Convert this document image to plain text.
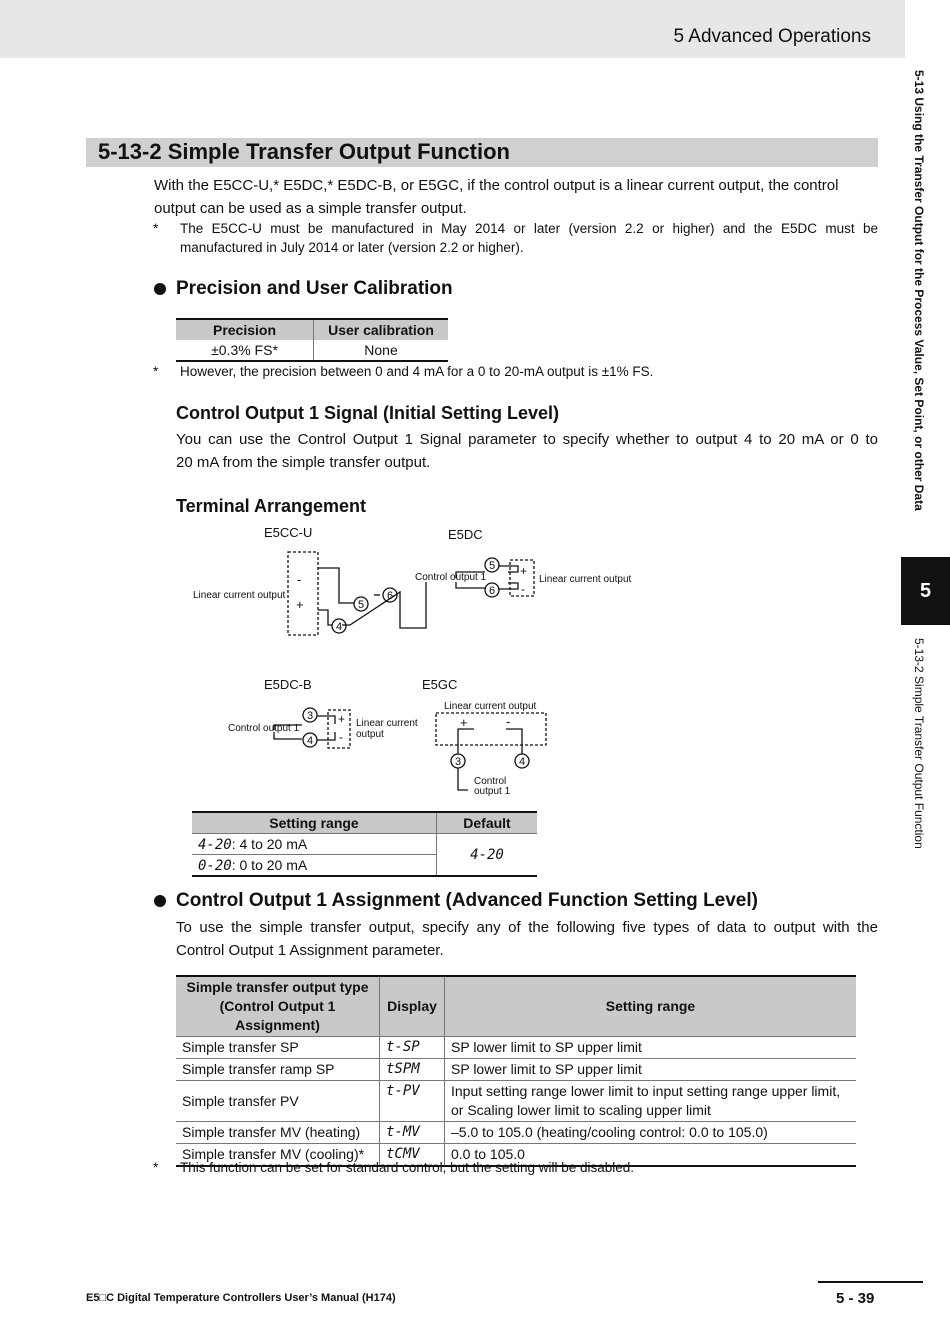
5 Advanced Operations
5-13 Using the Transfer Output for the Process Value, Set Point, or other Data
5
5-13-2 Simple Transfer Output Function
5-13-2 Simple Transfer Output Function
With the E5CC-U,* E5DC,* E5DC-B, or E5GC, if the control output is a linear current output, the control
output can be used as a simple transfer output.
* The E5CC-U must be manufactured in May 2014 or later (version 2.2 or higher) and the E5DC must be
manufactured in July 2014 or later (version 2.2 or higher).
Precision and User Calibration
Precision	User calibration
±0.3% FS*	None
* However, the precision between 0 and 4 mA for a 0 to 20-mA output is ±1% FS.
Control Output 1 Signal (Initial Setting Level)
You can use the Control Output 1 Signal parameter to specify whether to output 4 to 20 mA or 0 to
20 mA from the simple transfer output.
Terminal Arrangement
E5CC-U	E5DC
E5DC-B	E5GC
Linear current output
-
+
4
5
6
Control output 1	Linear current output
+
-
5
6
Control output 1	Linear current
output
+
-
3
4
Linear current output
+	-
3	4
Control
output 1
Setting range	Default
4-20: 4 to 20 mA	4-20
0-20: 0 to 20 mA	
Control Output 1 Assignment (Advanced Function Setting Level)
To use the simple transfer output, specify any of the following five types of data to output with the
Control Output 1 Assignment parameter.
Simple transfer output type (Control Output 1 Assignment)	Display	Setting range
Simple transfer SP	t-SP	SP lower limit to SP upper limit
Simple transfer ramp SP	tSPM	SP lower limit to SP upper limit
Simple transfer PV	t-PV	Input setting range lower limit to input setting range upper limit, or Scaling lower limit to scaling upper limit
Simple transfer MV (heating)	t-MV	–5.0 to 105.0 (heating/cooling control: 0.0 to 105.0)
Simple transfer MV (cooling)*	tCMV	0.0 to 105.0
* This function can be set for standard control, but the setting will be disabled.
E5□C Digital Temperature Controllers User’s Manual (H174)	5 - 39
